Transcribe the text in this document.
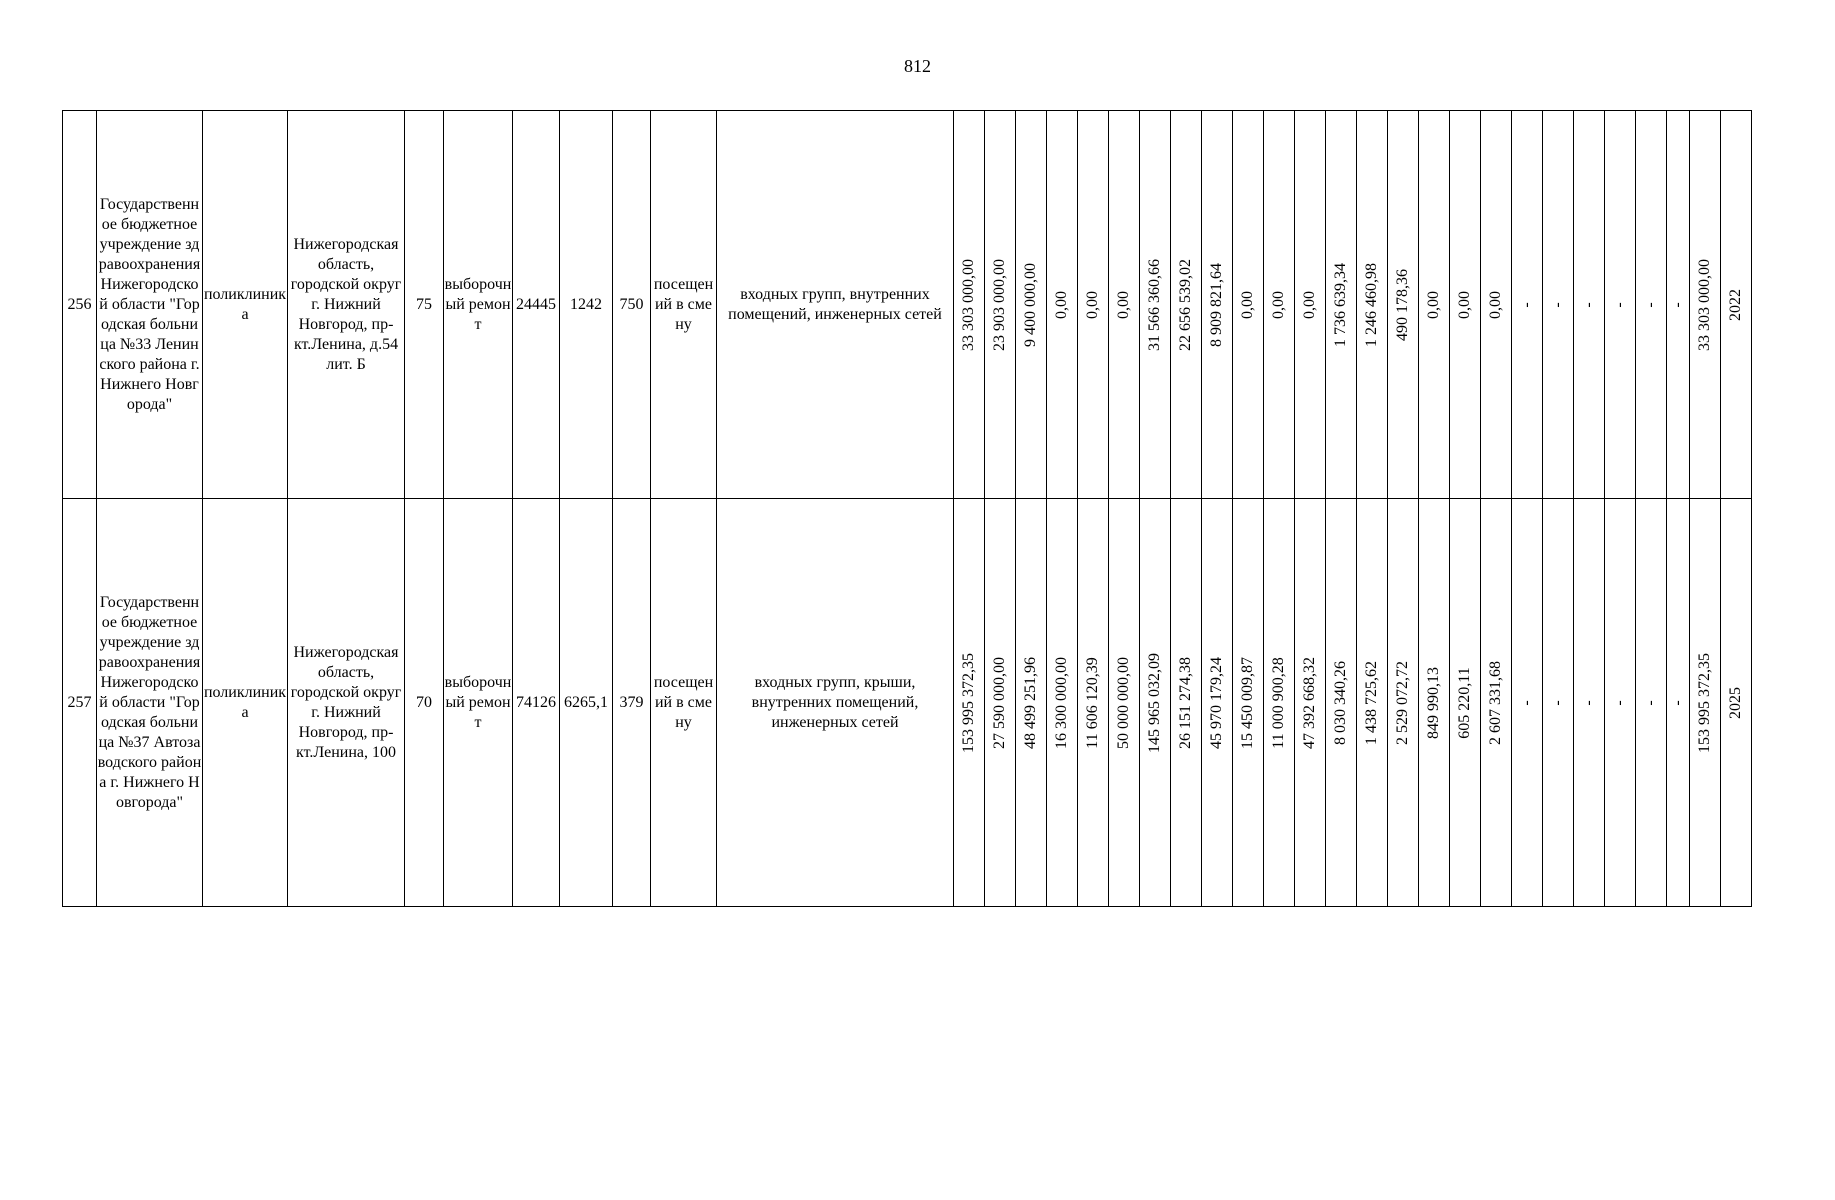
812
256	Государственное бюджетное учреждение здравоохранения Нижегородской области "Городская больница №33 Ленинского района г. Нижнего Новгорода"	поликлиника	Нижегородская область, городской округ г. Нижний Новгород, пр-кт.Ленина, д.54 лит. Б	75	выборочный ремонт	24445	1242	750	посещений в смену	входных групп, внутренних помещений, инженерных сетей	33 303 000,00	23 903 000,00	9 400 000,00	0,00	0,00	0,00	31 566 360,66	22 656 539,02	8 909 821,64	0,00	0,00	0,00	1 736 639,34	1 246 460,98	490 178,36	0,00	0,00	0,00	-	-	-	-	-	-	33 303 000,00	2022

257	Государственное бюджетное учреждение здравоохранения Нижегородской области "Городская больница №37 Автозаводского района г. Нижнего Новгорода"	поликлиника	Нижегородская область, городской округ г. Нижний Новгород, пр-кт.Ленина, 100	70	выборочный ремонт	74126	6265,1	379	посещений в смену	входных групп, крыши, внутренних помещений, инженерных сетей	153 995 372,35	27 590 000,00	48 499 251,96	16 300 000,00	11 606 120,39	50 000 000,00	145 965 032,09	26 151 274,38	45 970 179,24	15 450 009,87	11 000 900,28	47 392 668,32	8 030 340,26	1 438 725,62	2 529 072,72	849 990,13	605 220,11	2 607 331,68	-	-	-	-	-	-	153 995 372,35	2025
